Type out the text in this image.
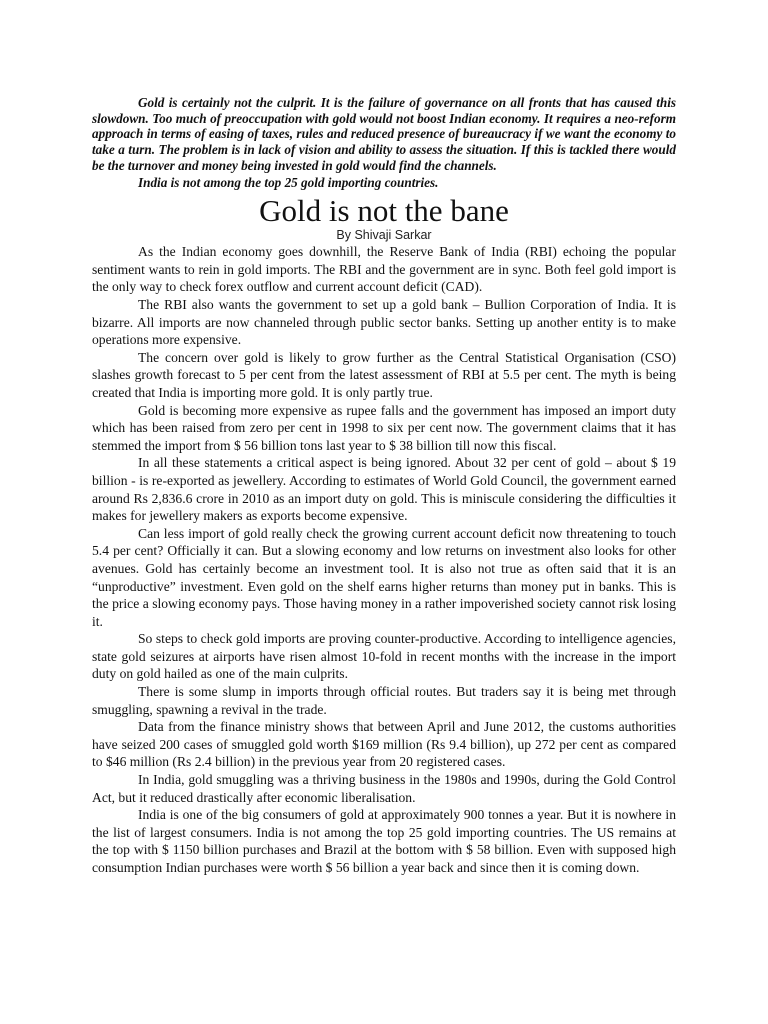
Gold is certainly not the culprit. It is the failure of governance on all fronts that has caused this slowdown. Too much of preoccupation with gold would not boost Indian economy. It requires a neo-reform approach in terms of easing of taxes, rules and reduced presence of bureaucracy if we want the economy to take a turn. The problem is in lack of vision and ability to assess the situation. If this is tackled there would be the turnover and money being invested in gold would find the channels.

India is not among the top 25 gold importing countries.

Gold is not the bane

By Shivaji Sarkar

As the Indian economy goes downhill, the Reserve Bank of India (RBI) echoing the popular sentiment wants to rein in gold imports. The RBI and the government are in sync. Both feel gold import is the only way to check forex outflow and current account deficit (CAD).

The RBI also wants the government to set up a gold bank – Bullion Corporation of India. It is bizarre. All imports are now channeled through public sector banks. Setting up another entity is to make operations more expensive.

The concern over gold is likely to grow further as the Central Statistical Organisation (CSO) slashes growth forecast to 5 per cent from the latest assessment of RBI at 5.5 per cent. The myth is being created that India is importing more gold. It is only partly true.

Gold is becoming more expensive as rupee falls and the government has imposed an import duty which has been raised from zero per cent in 1998 to six per cent now. The government claims that it has stemmed the import from $ 56 billion tons last year to $ 38 billion till now this fiscal.

In all these statements a critical aspect is being ignored. About 32 per cent of gold – about $ 19 billion - is re-exported as jewellery. According to estimates of World Gold Council, the government earned around Rs 2,836.6 crore in 2010 as an import duty on gold. This is miniscule considering the difficulties it makes for jewellery makers as exports become expensive.

Can less import of gold really check the growing current account deficit now threatening to touch 5.4 per cent? Officially it can. But a slowing economy and low returns on investment also looks for other avenues. Gold has certainly become an investment tool. It is also not true as often said that it is an “unproductive” investment. Even gold on the shelf earns higher returns than money put in banks. This is the price a slowing economy pays. Those having money in a rather impoverished society cannot risk losing it.

So steps to check gold imports are proving counter-productive. According to intelligence agencies, state gold seizures at airports have risen almost 10-fold in recent months with the increase in the import duty on gold hailed as one of the main culprits.

There is some slump in imports through official routes. But traders say it is being met through smuggling, spawning a revival in the trade.

Data from the finance ministry shows that between April and June 2012, the customs authorities have seized 200 cases of smuggled gold worth $169 million (Rs 9.4 billion), up 272 per cent as compared to $46 million (Rs 2.4 billion) in the previous year from 20 registered cases.

In India, gold smuggling was a thriving business in the 1980s and 1990s, during the Gold Control Act, but it reduced drastically after economic liberalisation.

India is one of the big consumers of gold at approximately 900 tonnes a year. But it is nowhere in the list of largest consumers. India is not among the top 25 gold importing countries. The US remains at the top with $ 1150 billion purchases and Brazil at the bottom with $ 58 billion. Even with supposed high consumption Indian purchases were worth $ 56 billion a year back and since then it is coming down.
